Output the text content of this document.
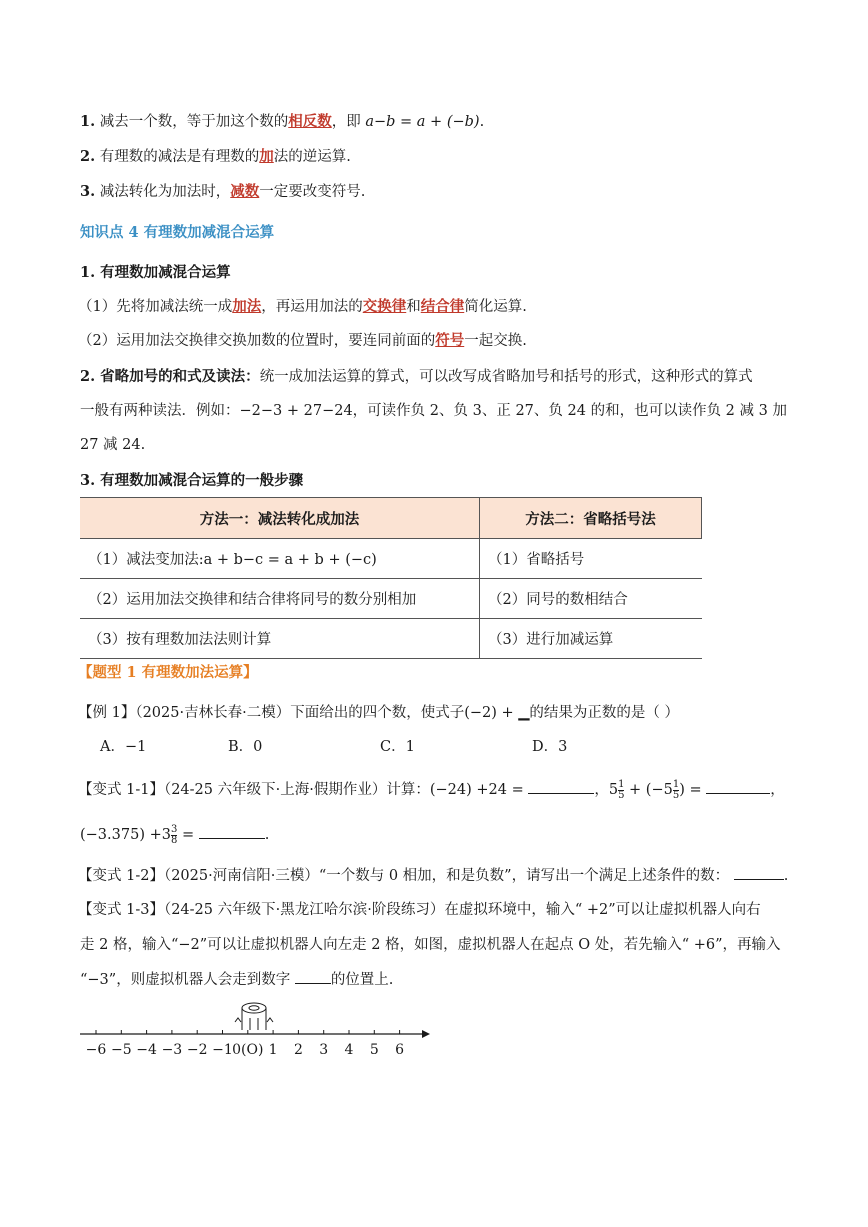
1. 减去一个数，等于加这个数的相反数，即 a−b = a + (−b).
2. 有理数的减法是有理数的加法的逆运算.
3. 减法转化为加法时，减数一定要改变符号.
知识点 4 有理数加减混合运算
1. 有理数加减混合运算
（1）先将加减法统一成加法，再运用加法的交换律和结合律简化运算.
（2）运用加法交换律交换加数的位置时，要连同前面的符号一起交换.
2. 省略加号的和式及读法：统一成加法运算的算式，可以改写成省略加号和括号的形式，这种形式的算式
一般有两种读法．例如：−2−3 + 27−24，可读作负 2、负 3、正 27、负 24 的和，也可以读作负 2 减 3 加
27 减 24.
3. 有理数加减混合运算的一般步骤
方法一：减法转化成加法	方法二：省略括号法
（1）减法变加法:a + b−c = a + b + (−c)	（1）省略括号
（2）运用加法交换律和结合律将同号的数分别相加	（2）同号的数相结合
（3）按有理数加法法则计算	（3）进行加减运算
【题型 1 有理数加法运算】
【例 1】（2025·吉林长春·二模）下面给出的四个数，使式子(−2) + ▁的结果为正数的是（ ）
A．−1	B．0	C．1	D．3
【变式 1-1】（24-25 六年级下·上海·假期作业）计算：(−24) +24 =	，$5 \frac{1}{5} + (-5 \frac{1}{5}$ ) =	，
$(-3.375) +3 \frac{3}{8}$ =	.
【变式 1-2】（2025·河南信阳·三模）“一个数与 0 相加，和是负数”，请写出一个满足上述条件的数：	.
【变式 1-3】（24-25 六年级下·黑龙江哈尔滨·阶段练习）在虚拟环境中，输入“ +2”可以让虚拟机器人向右
走 2 格，输入“−2”可以让虚拟机器人向左走 2 格，如图，虚拟机器人在起点 O 处，若先输入“ +6”，再输入
“−3”，则虚拟机器人会走到数字	的位置上.
−6 −5 −4 −3 −2 −1 0(O) 1 2 3 4 5 6
